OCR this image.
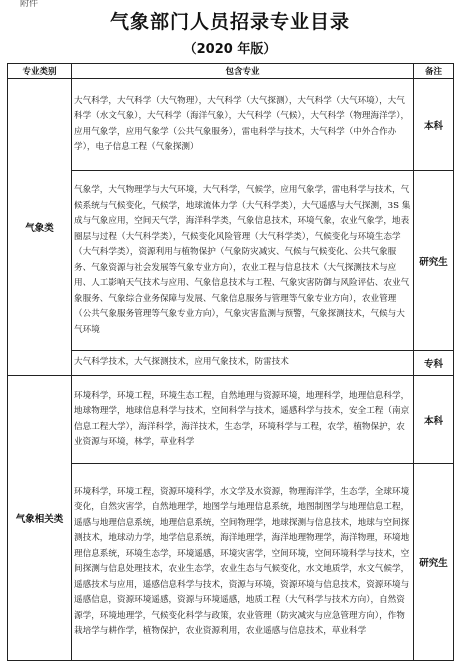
附件
气象部门人员招录专业目录
（2020 年版）
专业类别	包含专业	备注
气象类	大气科学，大气科学（大气物理），大气科学（大气探测），大气科学（大气环境），大气科学（水文气象），大气科学（海洋气象），大气科学（气候），大气科学（物理海洋学），应用气象学，应用气象学（公共气象服务），雷电科学与技术，大气科学（中外合作办学），电子信息工程（气象探测）	本科
	气象学，大气物理学与大气环境，大气科学，气候学，应用气象学，雷电科学与技术，气候系统与气候变化，气候学，地球流体力学（大气科学类），大气遥感与大气探测，3S 集成与气象应用，空间天气学，海洋科学类，气象信息技术，环境气象，农业气象学，地表圈层与过程（大气科学类），气候变化风险管理（大气科学类），气候变化与环境生态学（大气科学类），资源利用与植物保护（气象防灾减灾、气候与气候变化、公共气象服务、气象资源与社会发展等气象专业方向），农业工程与信息技术（大气探测技术与应用、人工影响天气技术与应用、气象信息技术与工程、气象灾害防御与风险评估、农业气象服务、气象综合业务保障与发展、气象信息服务与管理等气象专业方向），农业管理（公共气象服务管理等气象专业方向），气象灾害监测与预警，气象探测技术，气候与大气环境	研究生
	大气科学技术，大气探测技术，应用气象技术，防雷技术	专科
气象相关类	环境科学，环境工程，环境生态工程，自然地理与资源环境，地理科学，地理信息科学，地球物理学，地球信息科学与技术，空间科学与技术，遥感科学与技术，安全工程（南京信息工程大学），海洋科学，海洋技术，生态学，环境科学与工程，农学，植物保护，农业资源与环境，林学，草业科学	本科
	环境科学，环境工程，资源环境科学，水文学及水资源，物理海洋学，生态学，全球环境变化，自然灾害学，自然地理学，地图学与地理信息系统，地图制图学与地理信息工程，遥感与地理信息系统，地理信息系统，空间物理学，地球探测与信息技术，地球与空间探测技术，地球动力学，地学信息系统，海洋地理学，海洋地理物理学，海洋物理，环境地理信息系统，环境生态学，环境遥感，环境灾害学，空间环境，空间环境科学与技术，空间探测与信息处理技术，农业生态学，农业生态与气候变化，水文地质学，水文气候学，遥感技术与应用，遥感信息科学与技术，资源与环境，资源环境与信息技术，资源环境与遥感信息，资源环境遥感，资源与环境遥感，地质工程（大气科学与技术方向），自然资源学，环境地理学，气候变化科学与政策，农业管理（防灾减灾与应急管理方向），作物栽培学与耕作学，植物保护，农业资源利用，农业遥感与信息技术，草业科学	研究生
